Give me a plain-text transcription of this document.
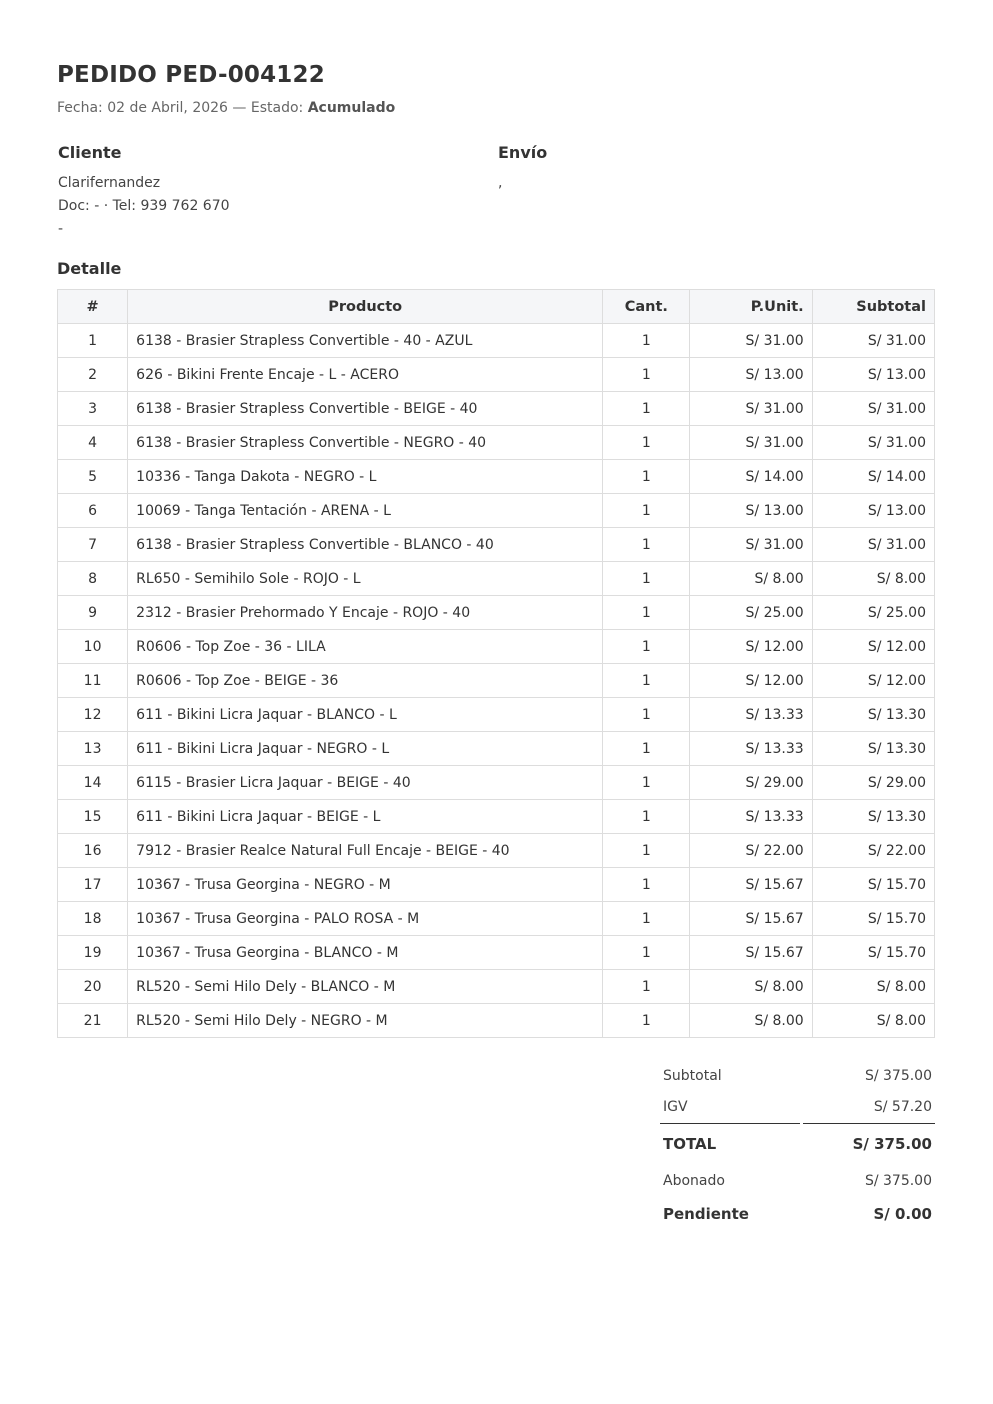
PEDIDO PED-004122
Fecha: 02 de Abril, 2026 — Estado: Acumulado
Cliente
Clarifernandez
Doc: - · Tel: 939 762 670
-
Envío
,
Detalle
#	Producto	Cant.	P.Unit.	Subtotal
1	6138 - Brasier Strapless Convertible - 40 - AZUL	1	S/ 31.00	S/ 31.00
2	626 - Bikini Frente Encaje - L - ACERO	1	S/ 13.00	S/ 13.00
3	6138 - Brasier Strapless Convertible - BEIGE - 40	1	S/ 31.00	S/ 31.00
4	6138 - Brasier Strapless Convertible - NEGRO - 40	1	S/ 31.00	S/ 31.00
5	10336 - Tanga Dakota - NEGRO - L	1	S/ 14.00	S/ 14.00
6	10069 - Tanga Tentación - ARENA - L	1	S/ 13.00	S/ 13.00
7	6138 - Brasier Strapless Convertible - BLANCO - 40	1	S/ 31.00	S/ 31.00
8	RL650 - Semihilo Sole - ROJO - L	1	S/ 8.00	S/ 8.00
9	2312 - Brasier Prehormado Y Encaje - ROJO - 40	1	S/ 25.00	S/ 25.00
10	R0606 - Top Zoe - 36 - LILA	1	S/ 12.00	S/ 12.00
11	R0606 - Top Zoe - BEIGE - 36	1	S/ 12.00	S/ 12.00
12	611 - Bikini Licra Jaquar - BLANCO - L	1	S/ 13.33	S/ 13.30
13	611 - Bikini Licra Jaquar - NEGRO - L	1	S/ 13.33	S/ 13.30
14	6115 - Brasier Licra Jaquar - BEIGE - 40	1	S/ 29.00	S/ 29.00
15	611 - Bikini Licra Jaquar - BEIGE - L	1	S/ 13.33	S/ 13.30
16	7912 - Brasier Realce Natural Full Encaje - BEIGE - 40	1	S/ 22.00	S/ 22.00
17	10367 - Trusa Georgina - NEGRO - M	1	S/ 15.67	S/ 15.70
18	10367 - Trusa Georgina - PALO ROSA - M	1	S/ 15.67	S/ 15.70
19	10367 - Trusa Georgina - BLANCO - M	1	S/ 15.67	S/ 15.70
20	RL520 - Semi Hilo Dely - BLANCO - M	1	S/ 8.00	S/ 8.00
21	RL520 - Semi Hilo Dely - NEGRO - M	1	S/ 8.00	S/ 8.00
Subtotal	S/ 375.00
IGV	S/ 57.20
TOTAL	S/ 375.00
Abonado	S/ 375.00
Pendiente	S/ 0.00
